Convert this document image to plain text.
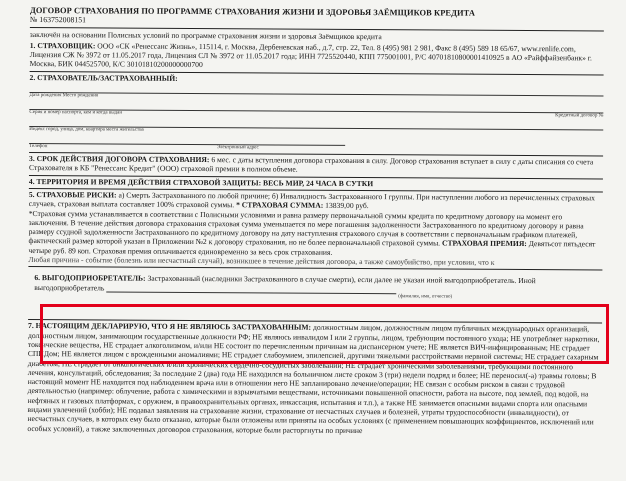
ДОГОВОР СТРАХОВАНИЯ ПО ПРОГРАММЕ СТРАХОВАНИЯ ЖИЗНИ И ЗДОРОВЬЯ ЗАЁМЩИКОВ КРЕДИТА
№ 163752008151
заключён на основании Полисных условий по программе страхования жизни и здоровья Заёмщиков кредита
1. СТРАХОВЩИК: ООО «СК «Ренессанс Жизнь», 115114, г. Москва, Дербеневская наб., д.7, стр. 22, Тел. 8 (495) 981 2 981, Факс 8 (495) 589 18 65/67, www.renlife.com, Лицензия СЖ № 3972 от 11.05.2017 года, Лицензия СЛ № 3972 от 11.05.2017 года; ИНН 7725520440, КПП 775001001, Р/С 40701810800001410925 в АО «Райффайзенбанк» г. Москва, БИК 044525700, К/С 30101810200000000700
2. СТРАХОВАТЕЛЬ/ЗАСТРАХОВАННЫЙ:
Дата рождения Место рождения
Серия и номер паспорта, кем и когда выдан
Кредитный договор №
Индекс город, улица, дом, квартира места жительства
Телефон	Электронный адрес
3. СРОК ДЕЙСТВИЯ ДОГОВОРА СТРАХОВАНИЯ: 6 мес. с даты вступления договора страхования в силу. Договор страхования вступает в силу с даты списания со счета Страхователя в КБ "Ренессанс Кредит" (ООО) страховой премии в полном объеме.
4. ТЕРРИТОРИЯ И ВРЕМЯ ДЕЙСТВИЯ СТРАХОВОЙ ЗАЩИТЫ: ВЕСЬ МИР, 24 ЧАСА В СУТКИ
5. СТРАХОВЫЕ РИСКИ: а) Смерть Застрахованного по любой причине; б) Инвалидность Застрахованного I группы. При наступлении любого из перечисленных страховых случаев, страховая выплата составляет 100% страховой суммы. * СТРАХОВАЯ СУММА: 13839,00 руб.
*Страховая сумма устанавливается в соответствии с Полисными условиями и равна размеру первоначальной суммы кредита по кредитному договору на момент его заключения. В течение действия договора страхования страховая сумма уменьшается по мере погашения задолженности Застрахованного по кредитному договору и равна размеру ссудной задолженности Застрахованного по кредитному договору на дату наступления страхового случая в соответствии с первоначальным графиком платежей, фактический размер которой указан в Приложении №2 к договору страхования, но не более первоначальной страховой суммы. СТРАХОВАЯ ПРЕМИЯ: Девятьсот пятьдесят четыре руб. 89 коп. Страховая премия оплачивается единовременно за весь срок страхования.
Любая причина - событие (болезнь или несчастный случай), возникшее в течение действия договора, а также самоубийство, при условии, что к
6. ВЫГОДОПРИОБРЕТАТЕЛЬ: Застрахованный (наследники Застрахованного в случае смерти), если далее не указан иной выгодоприобретатель. Иной выгодоприобретатель
(фамилия, имя, отчество)
7. НАСТОЯЩИМ ДЕКЛАРИРУЮ, ЧТО Я НЕ ЯВЛЯЮСЬ ЗАСТРАХОВАННЫМ: должностным лицом, должностным лицом публичных международных организаций, должностным лицом, занимающим государственные должности РФ; НЕ являюсь инвалидом I или 2 группы, лицом, требующим постоянного ухода; НЕ употребляет наркотики, токсические вещества, НЕ страдает алкоголизмом, и/или НЕ состоит по перечисленным причинам на диспансерном учете; НЕ является ВИЧ-инфицированным; НЕ страдает СПИДом; НЕ является лицом с врожденными аномалиями; НЕ страдает слабоумием, эпилепсией, другими тяжелыми расстройствами нервной системы; НЕ страдает сахарным диабетом; НЕ страдает от онкологических и/или хронических сердечно-сосудистых заболеваний; НЕ страдает хроническими заболеваниями, требующими постоянного лечения, консультаций, обследования; За последние 2 (два) года НЕ находился на больничном листе сроком 3 (три) недели подряд и более; НЕ переносил(-а) травмы головы; В настоящий момент НЕ находится под наблюдением врача или в отношении него НЕ запланировано лечение/операции; НЕ связан с особым риском в связи с трудовой деятельностью (например: облучение, работа с химическими и взрывчатыми веществами, источниками повышенной опасности, работа на высоте, под землей, под водой, на нефтяных и газовых платформах, с оружием, в правоохранительных органах, инкассация, испытания и т.п.), а также НЕ занимается опасными видами спорта или опасными видами увлечений (хобби); НЕ подавал заявления на страхование жизни, страхование от несчастных случаев и болезней, утраты трудоспособности (инвалидности), от несчастных случаев, в которых ему было отказано, которые были отложены или приняты на особых условиях (с применением повышающих коэффициентов, исключений или особых условий), а также заключенных договоров страхования, которые были расторгнуты по причине
